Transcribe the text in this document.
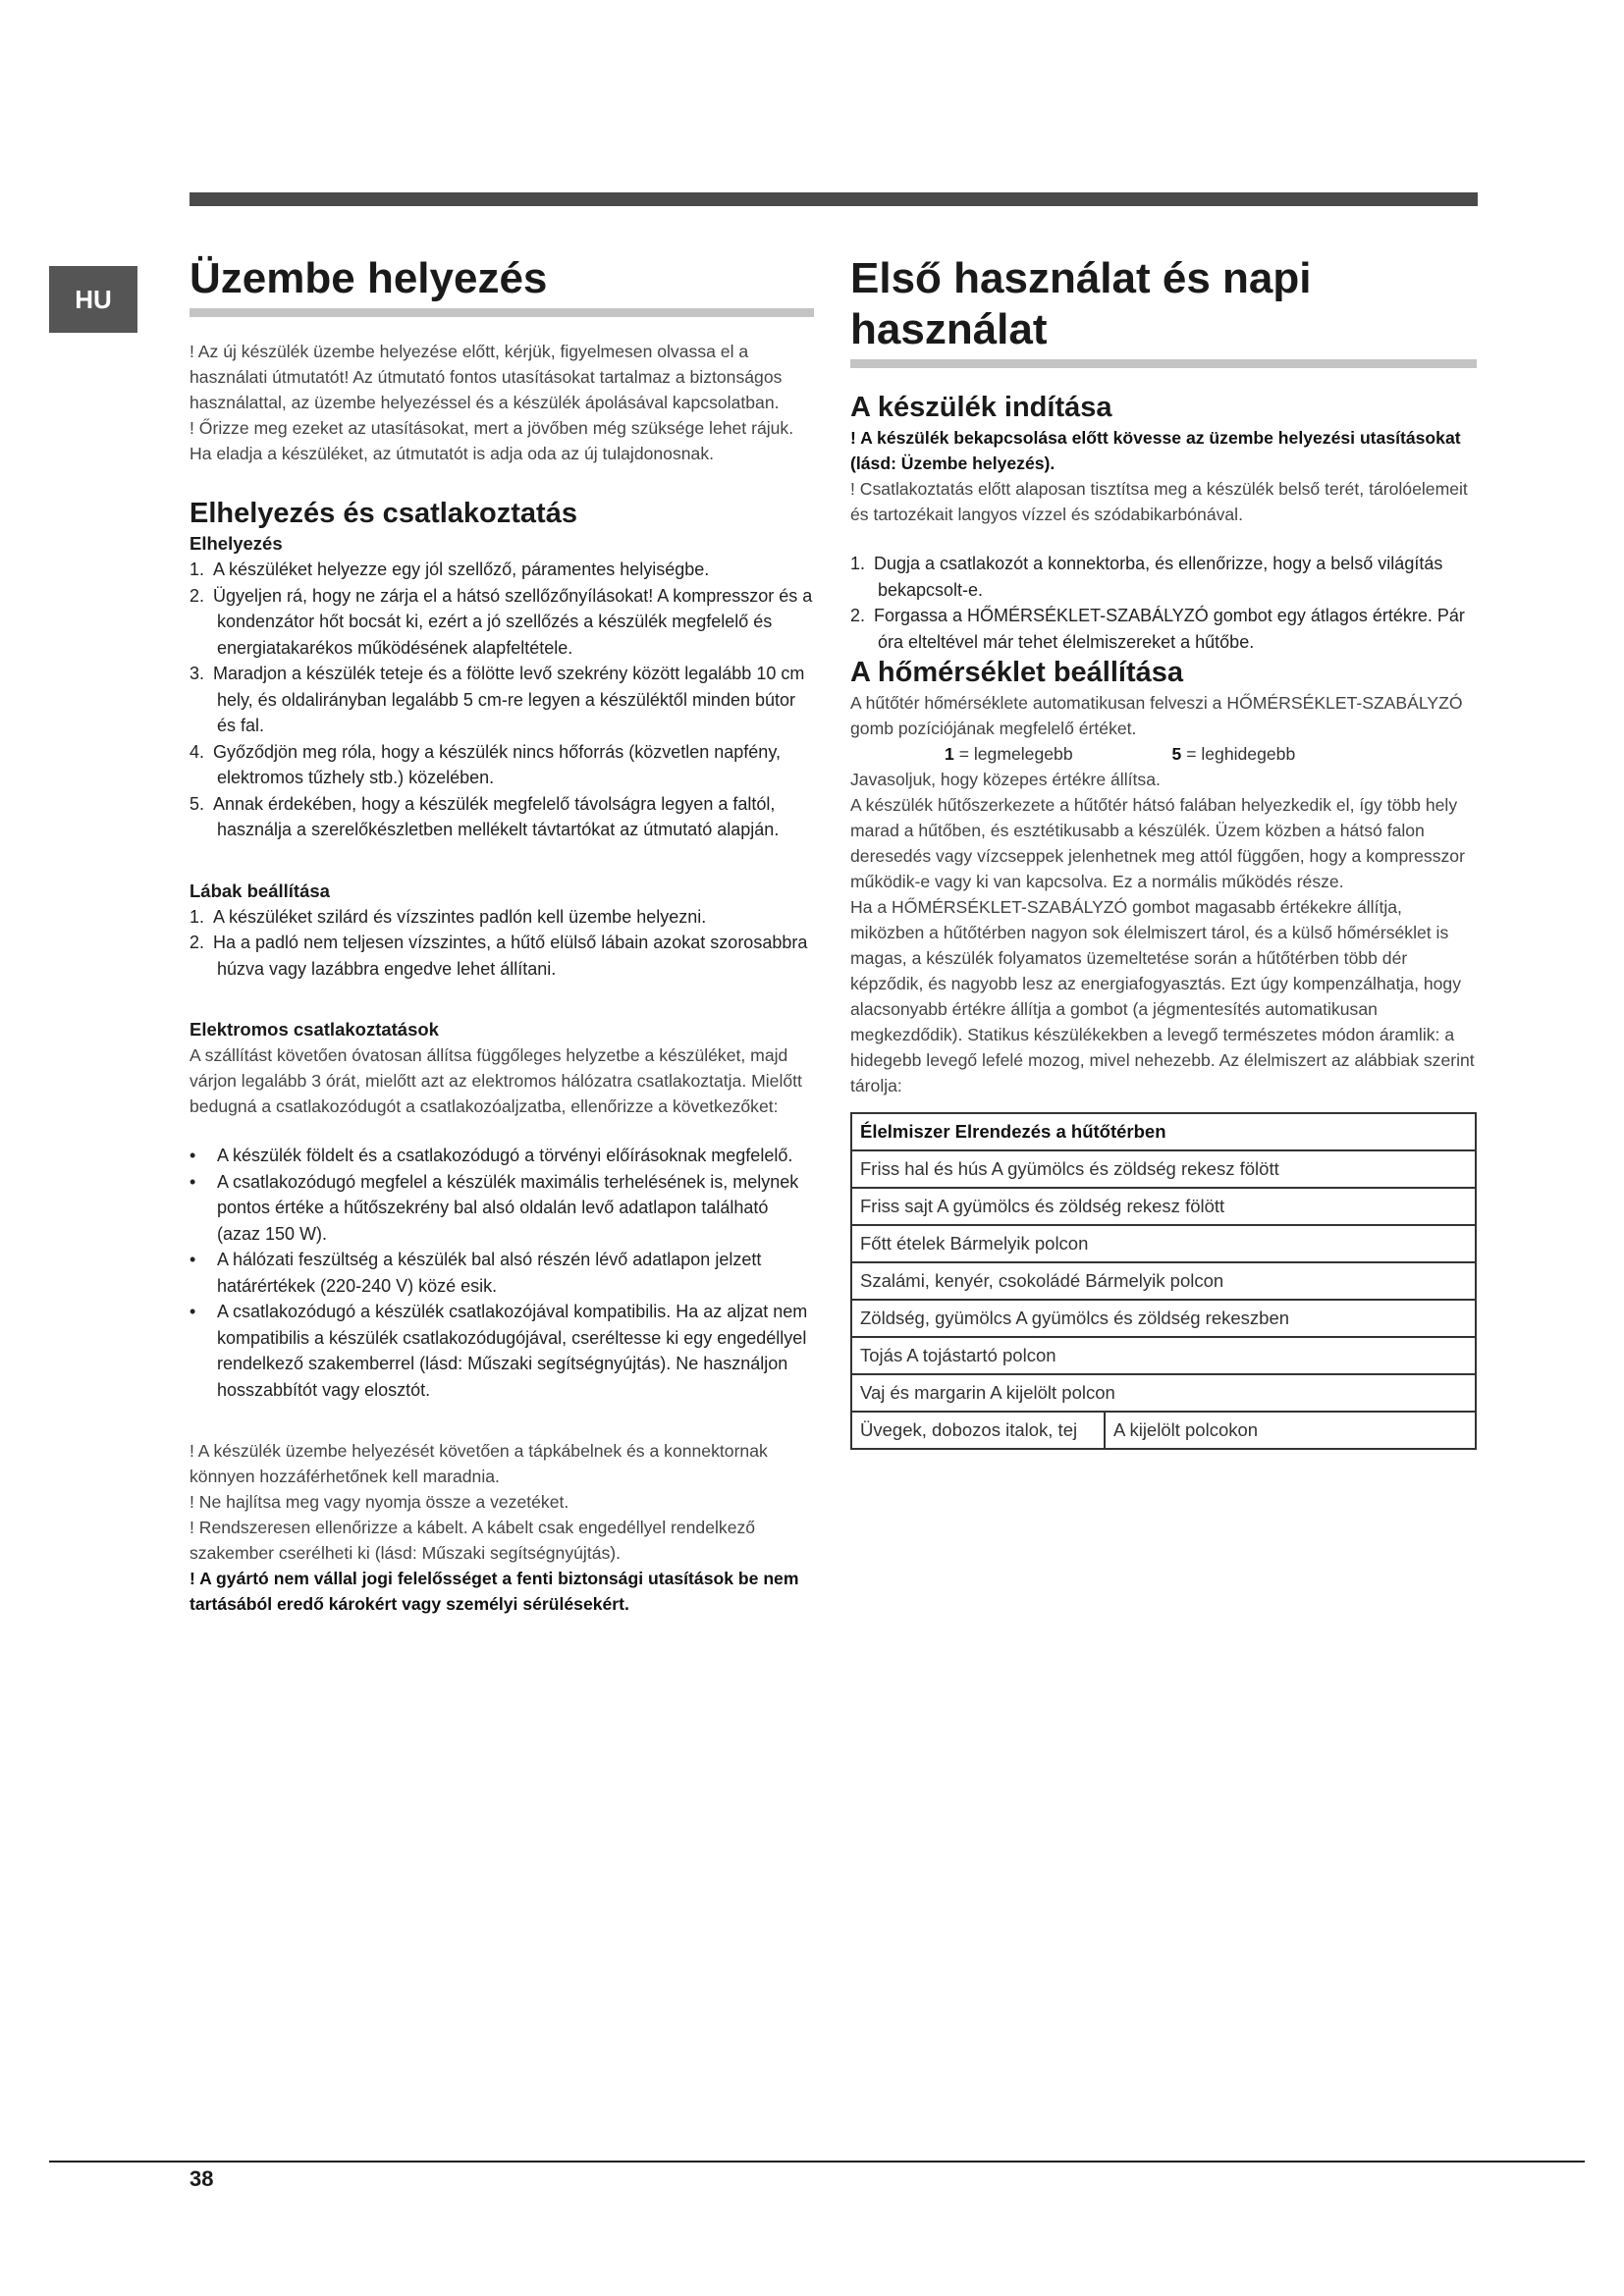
HU	Üzembe helyezés

! Az új készülék üzembe helyezése előtt, kérjük, figyelmesen olvassa el a használati útmutatót! Az útmutató fontos utasításokat tartalmaz a biztonságos használattal, az üzembe helyezéssel és a készülék ápolásával kapcsolatban.

! Őrizze meg ezeket az utasításokat, mert a jövőben még szüksége lehet rájuk.

Ha eladja a készüléket, az útmutatót is adja oda az új tulajdonosnak.

Elhelyezés és csatlakoztatás
Elhelyezés
1. A készüléket helyezze egy jól szellőző, páramentes helyiségbe.
2. Ügyeljen rá, hogy ne zárja el a hátsó szellőzőnyílásokat! A kompresszor és a kondenzátor hőt bocsát ki, ezért a jó szellőzés a készülék megfelelő és energiatakarékos működésének alapfeltétele.
3. Maradjon a készülék teteje és a fölötte levő szekrény között legalább 10 cm hely, és oldalirányban legalább 5 cm-re legyen a készüléktől minden bútor és fal.
4. Győződjön meg róla, hogy a készülék nincs hőforrás (közvetlen napfény, elektromos tűzhely stb.) közelében.
5. Annak érdekében, hogy a készülék megfelelő távolságra legyen a faltól, használja a szerelőkészletben mellékelt távtartókat az útmutató alapján.
Lábak beállítása
1. A készüléket szilárd és vízszintes padlón kell üzembe helyezni.
2. Ha a padló nem teljesen vízszintes, a hűtő elülső lábain azokat szorosabbra húzva vagy lazábbra engedve lehet állítani.
Elektromos csatlakoztatások

A szállítást követően óvatosan állítsa függőleges helyzetbe a készüléket, majd várjon legalább 3 órát, mielőtt azt az elektromos hálózatra csatlakoztatja. Mielőtt bedugná a csatlakozódugót a csatlakozóaljzatba, ellenőrizze a következőket:

• A készülék földelt és a csatlakozódugó a törvényi előírásoknak megfelelő.
• A csatlakozódugó megfelel a készülék maximális terhelésének is, melynek pontos értéke a hűtőszekrény bal alsó oldalán levő adatlapon található (azaz 150 W).
• A hálózati feszültség a készülék bal alsó részén lévő adatlapon jelzett határértékek (220-240 V) közé esik.
• A csatlakozódugó a készülék csatlakozójával kompatibilis. Ha az aljzat nem kompatibilis a készülék csatlakozódugójával, cseréltesse ki egy engedéllyel rendelkező szakemberrel (lásd: Műszaki segítségnyújtás). Ne használjon hosszabbítót vagy elosztót.

! A készülék üzembe helyezését követően a tápkábelnek és a konnektornak könnyen hozzáférhetőnek kell maradnia.

! Ne hajlítsa meg vagy nyomja össze a vezetéket.

! Rendszeresen ellenőrizze a kábelt. A kábelt csak engedéllyel rendelkező szakember cserélheti ki (lásd: Műszaki segítségnyújtás).

! A gyártó nem vállal jogi felelősséget a fenti biztonsági utasítások be nem tartásából eredő károkért vagy személyi sérülésekért.

Első használat és napi
használat
A készülék indítása

! A készülék bekapcsolása előtt kövesse az üzembe helyezési utasításokat (lásd: Üzembe helyezés).

! Csatlakoztatás előtt alaposan tisztítsa meg a készülék belső terét, tárolóelemeit és tartozékait langyos vízzel és szódabikarbónával.

1. Dugja a csatlakozót a konnektorba, és ellenőrizze, hogy a belső világítás bekapcsolt-e.
2. Forgassa a HŐMÉRSÉKLET-SZABÁLYZÓ gombot egy átlagos értékre. Pár óra elteltével már tehet élelmiszereket a hűtőbe.
A hőmérséklet beállítása

A hűtőtér hőmérséklete automatikusan felveszi a HŐMÉRSÉKLET-SZABÁLYZÓ gomb pozíciójának megfelelő értéket.

1 = legmelegebb	5 = leghidegebb

Javasoljuk, hogy közepes értékre állítsa.

A készülék hűtőszerkezete a hűtőtér hátsó falában helyezkedik el, így több hely marad a hűtőben, és esztétikusabb a készülék. Üzem közben a hátsó falon deresedés vagy vízcseppek jelenhetnek meg attól függően, hogy a kompresszor működik-e vagy ki van kapcsolva. Ez a normális működés része.

Ha a HŐMÉRSÉKLET-SZABÁLYZÓ gombot magasabb értékekre állítja, miközben a hűtőtérben nagyon sok élelmiszert tárol, és a külső hőmérséklet is magas, a készülék folyamatos üzemeltetése során a hűtőtérben több dér képződik, és nagyobb lesz az energiafogyasztás. Ezt úgy kompenzálhatja, hogy alacsonyabb értékre állítja a gombot (a jégmentesítés automatikusan megkezdődik). Statikus készülékekben a levegő természetes módon áramlik: a hidegebb levegő lefelé mozog, mivel nehezebb. Az élelmiszert az alábbiak szerint tárolja:

Élelmiszer Elrendezés a hűtőtérben
Friss hal és hús A gyümölcs és zöldség rekesz fölött
Friss sajt A gyümölcs és zöldség rekesz fölött
Főtt ételek Bármelyik polcon
Szalámi, kenyér, csokoládé Bármelyik polcon
Zöldség, gyümölcs A gyümölcs és zöldség rekeszben
Tojás A tojástartó polcon
Vaj és margarin A kijelölt polcon
Üvegek, dobozos italok, tej	A kijelölt polcokon
38
